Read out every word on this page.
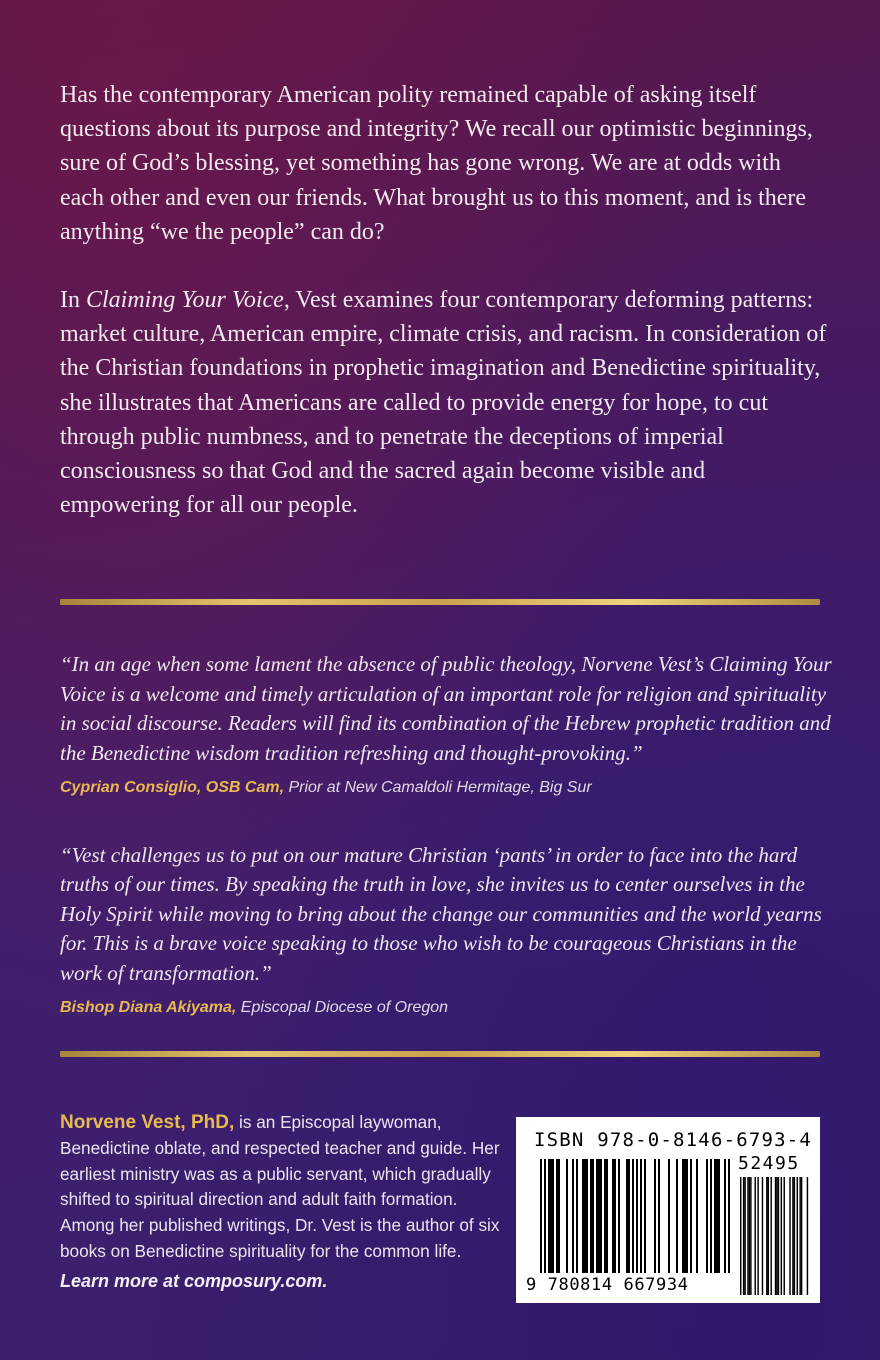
Has the contemporary American polity remained capable of asking itself questions about its purpose and integrity? We recall our optimistic beginnings, sure of God’s blessing, yet something has gone wrong. We are at odds with each other and even our friends. What brought us to this moment, and is there anything “we the people” can do?

In Claiming Your Voice, Vest examines four contemporary deforming patterns: market culture, American empire, climate crisis, and racism. In consideration of the Christian foundations in prophetic imagination and Benedictine spirituality, she illustrates that Americans are called to provide energy for hope, to cut through public numbness, and to penetrate the deceptions of imperial consciousness so that God and the sacred again become visible and empowering for all our people.

“In an age when some lament the absence of public theology, Norvene Vest’s Claiming Your Voice is a welcome and timely articulation of an important role for religion and spirituality in social discourse. Readers will find its combination of the Hebrew prophetic tradition and the Benedictine wisdom tradition refreshing and thought-provoking.”

Cyprian Consiglio, OSB Cam, Prior at New Camaldoli Hermitage, Big Sur

“Vest challenges us to put on our mature Christian ‘pants’ in order to face into the hard truths of our times. By speaking the truth in love, she invites us to center ourselves in the Holy Spirit while moving to bring about the change our communities and the world yearns for. This is a brave voice speaking to those who wish to be courageous Christians in the work of transformation.”

Bishop Diana Akiyama, Episcopal Diocese of Oregon

Norvene Vest, PhD, is an Episcopal laywoman, Benedictine oblate, and respected teacher and guide. Her earliest ministry was as a public servant, which gradually shifted to spiritual direction and adult faith formation. Among her published writings, Dr. Vest is the author of six books on Benedictine spirituality for the common life.

Learn more at composury.com.

ISBN 978-0-8146-6793-4
52495
9 780814 667934
